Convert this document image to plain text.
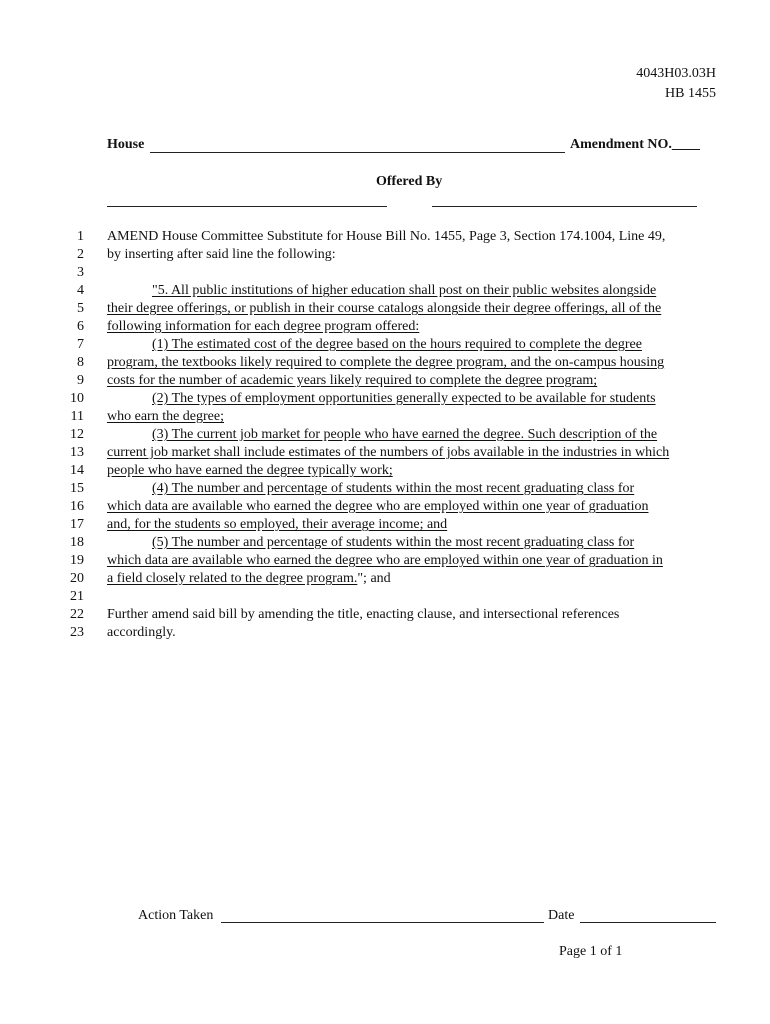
4043H03.03H
HB 1455
House	Amendment NO.____
Offered By
1 AMEND House Committee Substitute for House Bill No. 1455, Page 3, Section 174.1004, Line 49,
2 by inserting after said line the following:
3
4	"5. All public institutions of higher education shall post on their public websites alongside
5 their degree offerings, or publish in their course catalogs alongside their degree offerings, all of the
6 following information for each degree program offered:
7	(1) The estimated cost of the degree based on the hours required to complete the degree
8 program, the textbooks likely required to complete the degree program, and the on-campus housing
9 costs for the number of academic years likely required to complete the degree program;
10	(2) The types of employment opportunities generally expected to be available for students
11 who earn the degree;
12	(3) The current job market for people who have earned the degree. Such description of the
13 current job market shall include estimates of the numbers of jobs available in the industries in which
14 people who have earned the degree typically work;
15	(4) The number and percentage of students within the most recent graduating class for
16 which data are available who earned the degree who are employed within one year of graduation
17 and, for the students so employed, their average income; and
18	(5) The number and percentage of students within the most recent graduating class for
19 which data are available who earned the degree who are employed within one year of graduation in
20 a field closely related to the degree program."; and
21
22 Further amend said bill by amending the title, enacting clause, and intersectional references
23 accordingly.
Action Taken	Date
Page 1 of 1
